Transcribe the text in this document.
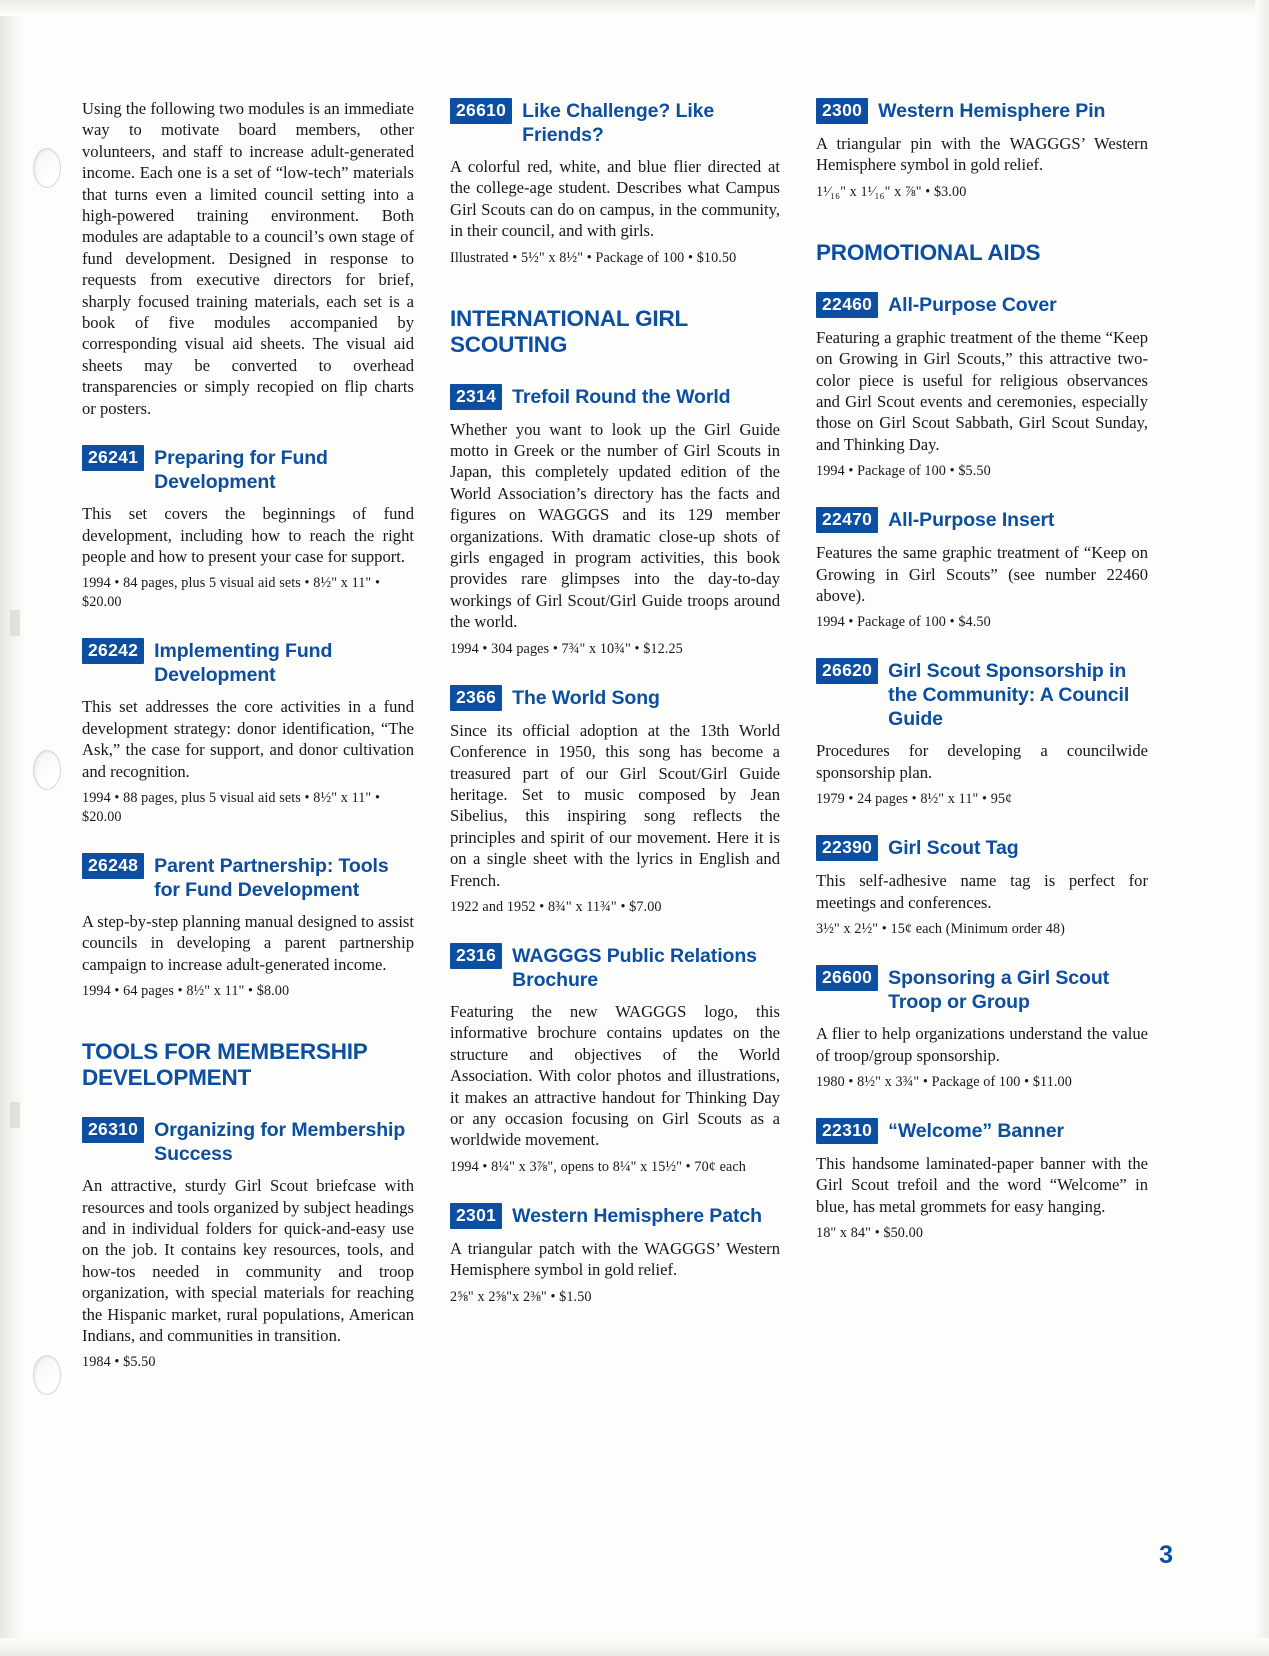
Using the following two modules is an immediate way to motivate board members, other volunteers, and staff to increase adult-generated income. Each one is a set of “low-tech” materials that turns even a limited council setting into a high-powered training environment. Both modules are adaptable to a council’s own stage of fund development. Designed in response to requests from executive directors for brief, sharply focused training materials, each set is a book of five modules accompanied by corresponding visual aid sheets. The visual aid sheets may be converted to overhead transparencies or simply recopied on flip charts or posters.

26241 Preparing for Fund Development

This set covers the beginnings of fund development, including how to reach the right people and how to present your case for support.

1994 • 84 pages, plus 5 visual aid sets • 8½" x 11" • $20.00

26242 Implementing Fund Development

This set addresses the core activities in a fund development strategy: donor identification, “The Ask,” the case for support, and donor cultivation and recognition.

1994 • 88 pages, plus 5 visual aid sets • 8½" x 11" • $20.00

26248 Parent Partnership: Tools for Fund Development

A step-by-step planning manual designed to assist councils in developing a parent partnership campaign to increase adult-generated income.

1994 • 64 pages • 8½" x 11" • $8.00

TOOLS FOR MEMBERSHIP DEVELOPMENT
26310 Organizing for Membership Success

An attractive, sturdy Girl Scout briefcase with resources and tools organized by subject headings and in individual folders for quick-and-easy use on the job. It contains key resources, tools, and how-tos needed in community and troop organization, with special materials for reaching the Hispanic market, rural populations, American Indians, and communities in transition.

1984 • $5.50

26610 Like Challenge? Like Friends?

A colorful red, white, and blue flier directed at the college-age student. Describes what Campus Girl Scouts can do on campus, in the community, in their council, and with girls.

Illustrated • 5½" x 8½" • Package of 100 • $10.50

INTERNATIONAL GIRL SCOUTING
2314 Trefoil Round the World

Whether you want to look up the Girl Guide motto in Greek or the number of Girl Scouts in Japan, this completely updated edition of the World Association’s directory has the facts and figures on WAGGGS and its 129 member organizations. With dramatic close-up shots of girls engaged in program activities, this book provides rare glimpses into the day-to-day workings of Girl Scout/Girl Guide troops around the world.

1994 • 304 pages • 7¾" x 10¾" • $12.25

2366 The World Song

Since its official adoption at the 13th World Conference in 1950, this song has become a treasured part of our Girl Scout/Girl Guide heritage. Set to music composed by Jean Sibelius, this inspiring song reflects the principles and spirit of our movement. Here it is on a single sheet with the lyrics in English and French.

1922 and 1952 • 8¾" x 11¾" • $7.00

2316 WAGGGS Public Relations Brochure

Featuring the new WAGGGS logo, this informative brochure contains updates on the structure and objectives of the World Association. With color photos and illustrations, it makes an attractive handout for Thinking Day or any occasion focusing on Girl Scouts as a worldwide movement.

1994 • 8¼" x 3⅞", opens to 8¼" x 15½" • 70¢ each

2301 Western Hemisphere Patch

A triangular patch with the WAGGGS’ Western Hemisphere symbol in gold relief.

2⅝" x 2⅝"x 2⅜" • $1.50

2300 Western Hemisphere Pin

A triangular pin with the WAGGGS’ Western Hemisphere symbol in gold relief.

1¹⁄₁₆" x 1¹⁄₁₆" x ⅞" • $3.00

PROMOTIONAL AIDS
22460 All-Purpose Cover

Featuring a graphic treatment of the theme “Keep on Growing in Girl Scouts,” this attractive two-color piece is useful for religious observances and Girl Scout events and ceremonies, especially those on Girl Scout Sabbath, Girl Scout Sunday, and Thinking Day.

1994 • Package of 100 • $5.50

22470 All-Purpose Insert

Features the same graphic treatment of “Keep on Growing in Girl Scouts” (see number 22460 above).

1994 • Package of 100 • $4.50

26620 Girl Scout Sponsorship in the Community: A Council Guide

Procedures for developing a councilwide sponsorship plan.

1979 • 24 pages • 8½" x 11" • 95¢

22390 Girl Scout Tag

This self-adhesive name tag is perfect for meetings and conferences.

3½" x 2½" • 15¢ each (Minimum order 48)

26600 Sponsoring a Girl Scout Troop or Group

A flier to help organizations understand the value of troop/group sponsorship.

1980 • 8½" x 3¾" • Package of 100 • $11.00

22310 “Welcome” Banner

This handsome laminated-paper banner with the Girl Scout trefoil and the word “Welcome” in blue, has metal grommets for easy hanging.

18" x 84" • $50.00

3
